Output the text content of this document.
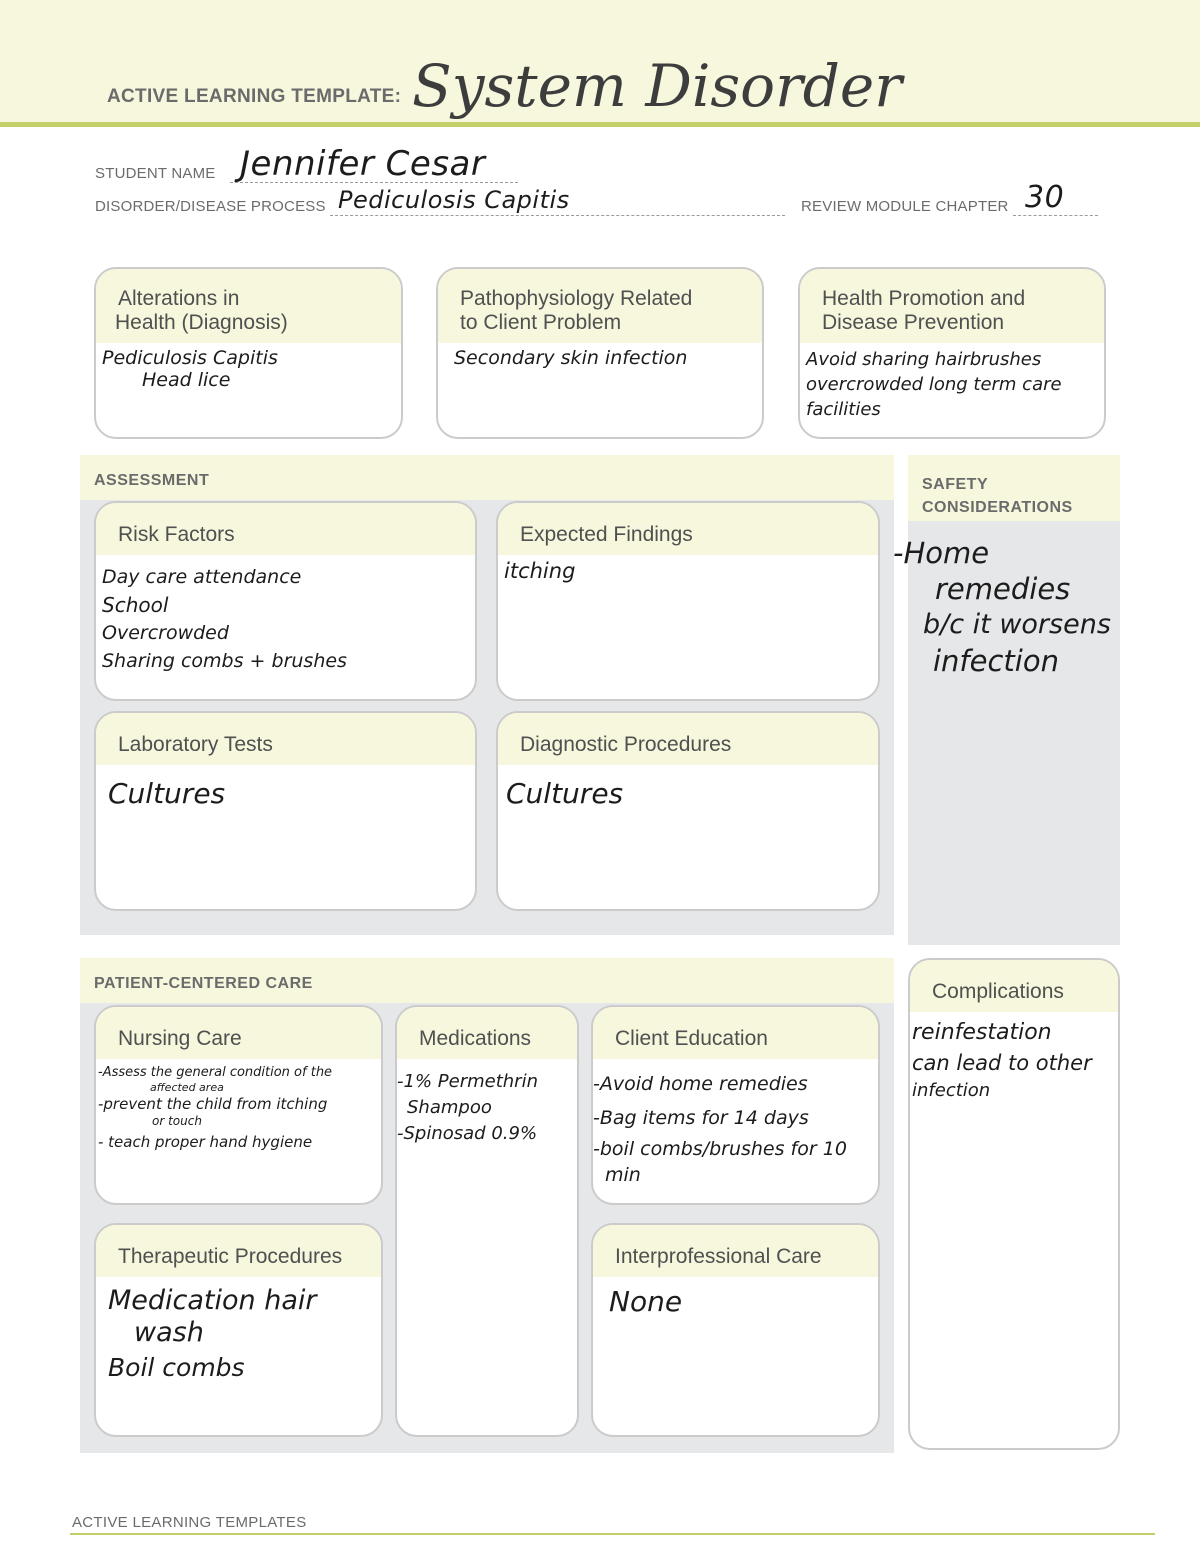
ACTIVE LEARNING TEMPLATE: System Disorder
STUDENT NAME Jennifer Cesar
DISORDER/DISEASE PROCESS Pediculosis Capitis	REVIEW MODULE CHAPTER 30
Alterations in
Health (Diagnosis)
Pediculosis Capitis
Head lice
Pathophysiology Related
to Client Problem
Secondary skin infection
Health Promotion and
Disease Prevention
Avoid sharing hairbrushes
overcrowded long term care
facilities
ASSESSMENT
Risk Factors
Day care attendance
School
Overcrowded
Sharing combs + brushes
Expected Findings
itching
Laboratory Tests
Cultures
Diagnostic Procedures
Cultures
SAFETY
CONSIDERATIONS
-Home
remedies
b/c it worsens
infection
PATIENT-CENTERED CARE
Nursing Care
-Assess the general condition of the
affected area
-prevent the child from itching
or touch
- teach proper hand hygiene
Medications
-1% Permethrin
Shampoo
-Spinosad 0.9%
Client Education
-Avoid home remedies
-Bag items for 14 days
-boil combs/brushes for 10
min
Therapeutic Procedures
Medication hair
wash
Boil combs
Interprofessional Care
None
Complications
reinfestation
can lead to other
infection
ACTIVE LEARNING TEMPLATES
